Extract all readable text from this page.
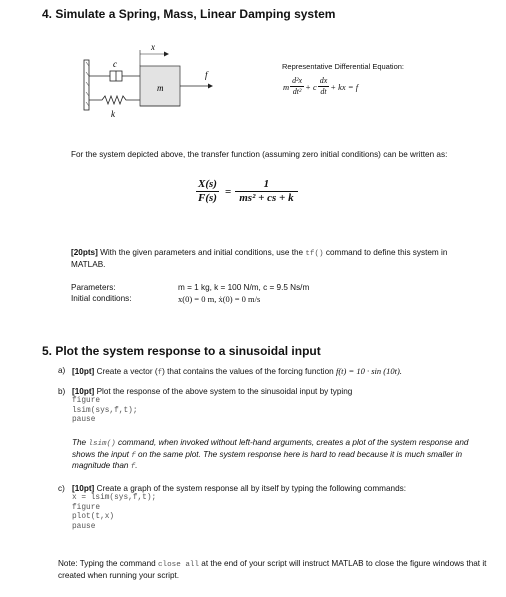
4. Simulate a Spring, Mass, Linear Damping system
x
c
m
f
k
Representative Differential Equation:
m $\frac{\text{d²x}}{\text{dt²}} + c \frac{dx}{dt}$ + kx = f
For the system depicted above, the transfer function (assuming zero initial conditions) can be written as:
$\frac{X(s)}{F(s)} = \frac{1}{\text{ms² + cs + k}}$
[20pts] With the given parameters and initial conditions, use the tf() command to define this system in MATLAB.
Parameters:	m = 1 kg, k = 100 N/m, c = 9.5 Ns/m
Initial conditions:	x(0) = 0 m, ẋ(0) = 0 m/s
5. Plot the system response to a sinusoidal input
a) [10pt] Create a vector (f) that contains the values of the forcing function f(t) = 10 · sin (10t).
b) [10pt] Plot the response of the above system to the sinusoidal input by typing
figure
lsim(sys,f,t);
pause
The lsim() command, when invoked without left-hand arguments, creates a plot of the system response and shows the input f on the same plot. The system response here is hard to read because it is much smaller in magnitude than f.
c) [10pt] Create a graph of the system response all by itself by typing the following commands:
x = lsim(sys,f,t);
figure
plot(t,x)
pause
Note: Typing the command close all at the end of your script will instruct MATLAB to close the figure windows that it created when running your script.
